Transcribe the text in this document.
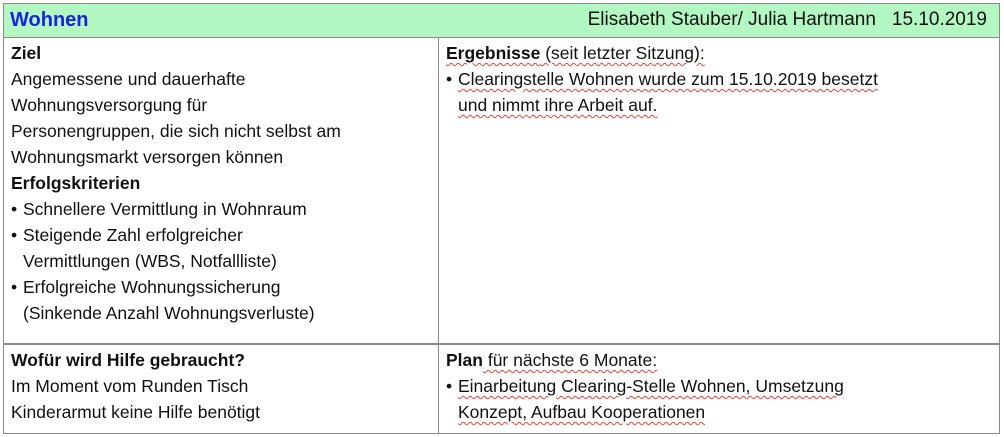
Wohnen	Elisabeth Stauber/ Julia Hartmann 15.10.2019
Ziel
Angemessene und dauerhafte
Wohnungsversorgung für
Personengruppen, die sich nicht selbst am
Wohnungsmarkt versorgen können
Erfolgskriterien
• Schnellere Vermittlung in Wohnraum
• Steigende Zahl erfolgreicher
Vermittlungen (WBS, Notfallliste)
• Erfolgreiche Wohnungssicherung
(Sinkende Anzahl Wohnungsverluste)
Ergebnisse (seit letzter Sitzung):
• Clearingstelle Wohnen wurde zum 15.10.2019 besetzt
und nimmt ihre Arbeit auf.
Wofür wird Hilfe gebraucht?
Im Moment vom Runden Tisch
Kinderarmut keine Hilfe benötigt
Plan für nächste 6 Monate:
• Einarbeitung Clearing-Stelle Wohnen, Umsetzung
Konzept, Aufbau Kooperationen
